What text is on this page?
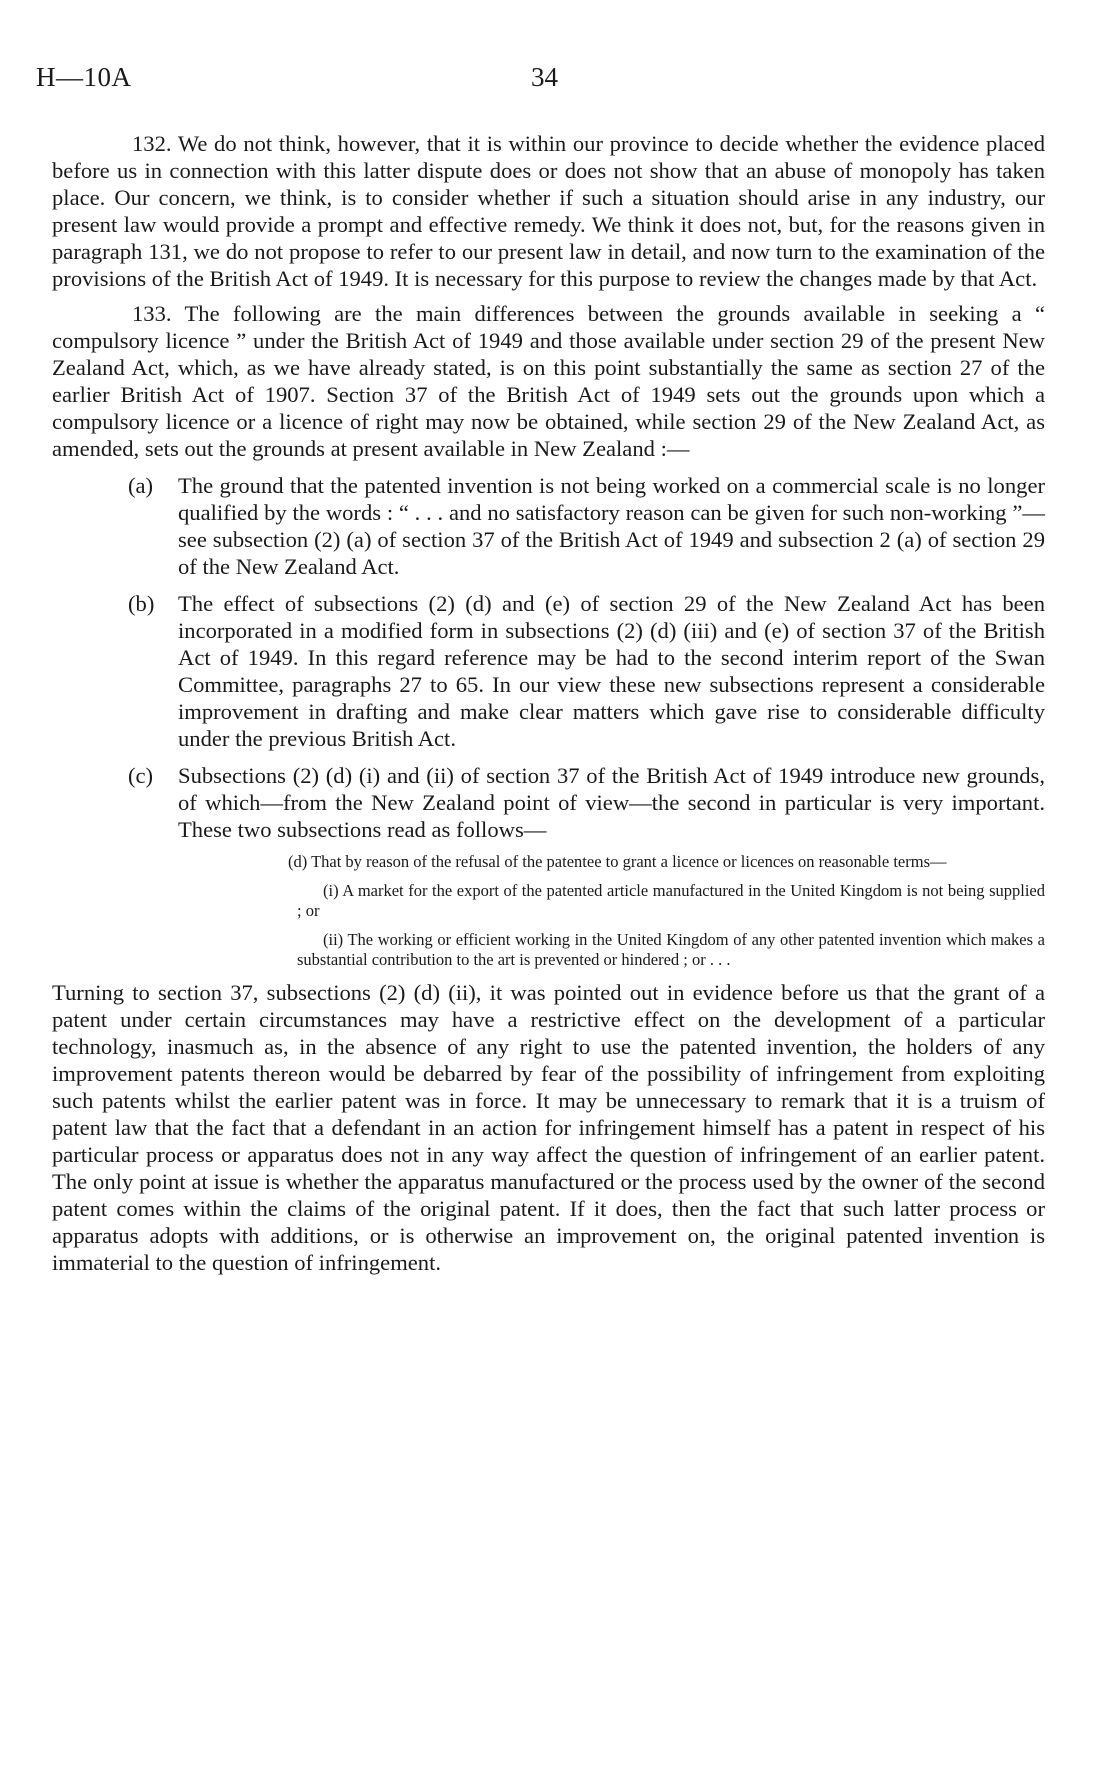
H—10A	34

132. We do not think, however, that it is within our province to decide whether the evidence placed before us in connection with this latter dispute does or does not show that an abuse of monopoly has taken place. Our concern, we think, is to consider whether if such a situation should arise in any industry, our present law would provide a prompt and effective remedy. We think it does not, but, for the reasons given in paragraph 131, we do not propose to refer to our present law in detail, and now turn to the examination of the provisions of the British Act of 1949. It is necessary for this purpose to review the changes made by that Act.

133. The following are the main differences between the grounds available in seeking a “ compulsory licence ” under the British Act of 1949 and those available under section 29 of the present New Zealand Act, which, as we have already stated, is on this point substantially the same as section 27 of the earlier British Act of 1907. Section 37 of the British Act of 1949 sets out the grounds upon which a compulsory licence or a licence of right may now be obtained, while section 29 of the New Zealand Act, as amended, sets out the grounds at present available in New Zealand :—

(a) The ground that the patented invention is not being worked on a commercial scale is no longer qualified by the words : “ . . . and no satisfactory reason can be given for such non-working ”—see subsection (2) (a) of section 37 of the British Act of 1949 and subsection 2 (a) of section 29 of the New Zealand Act.

(b) The effect of subsections (2) (d) and (e) of section 29 of the New Zealand Act has been incorporated in a modified form in subsections (2) (d) (iii) and (e) of section 37 of the British Act of 1949. In this regard reference may be had to the second interim report of the Swan Committee, paragraphs 27 to 65. In our view these new subsections represent a considerable improvement in drafting and make clear matters which gave rise to considerable difficulty under the previous British Act.

(c) Subsections (2) (d) (i) and (ii) of section 37 of the British Act of 1949 introduce new grounds, of which—from the New Zealand point of view—the second in particular is very important. These two subsections read as follows—

(d) That by reason of the refusal of the patentee to grant a licence or licences on reasonable terms—

(i) A market for the export of the patented article manufactured in the United Kingdom is not being supplied ; or

(ii) The working or efficient working in the United Kingdom of any other patented invention which makes a substantial contribution to the art is prevented or hindered ; or . . .

Turning to section 37, subsections (2) (d) (ii), it was pointed out in evidence before us that the grant of a patent under certain circumstances may have a restrictive effect on the development of a particular technology, inasmuch as, in the absence of any right to use the patented invention, the holders of any improvement patents thereon would be debarred by fear of the possibility of infringement from exploiting such patents whilst the earlier patent was in force. It may be unnecessary to remark that it is a truism of patent law that the fact that a defendant in an action for infringement himself has a patent in respect of his particular process or apparatus does not in any way affect the question of infringement of an earlier patent. The only point at issue is whether the apparatus manufactured or the process used by the owner of the second patent comes within the claims of the original patent. If it does, then the fact that such latter process or apparatus adopts with additions, or is otherwise an improvement on, the original patented invention is immaterial to the question of infringement.
